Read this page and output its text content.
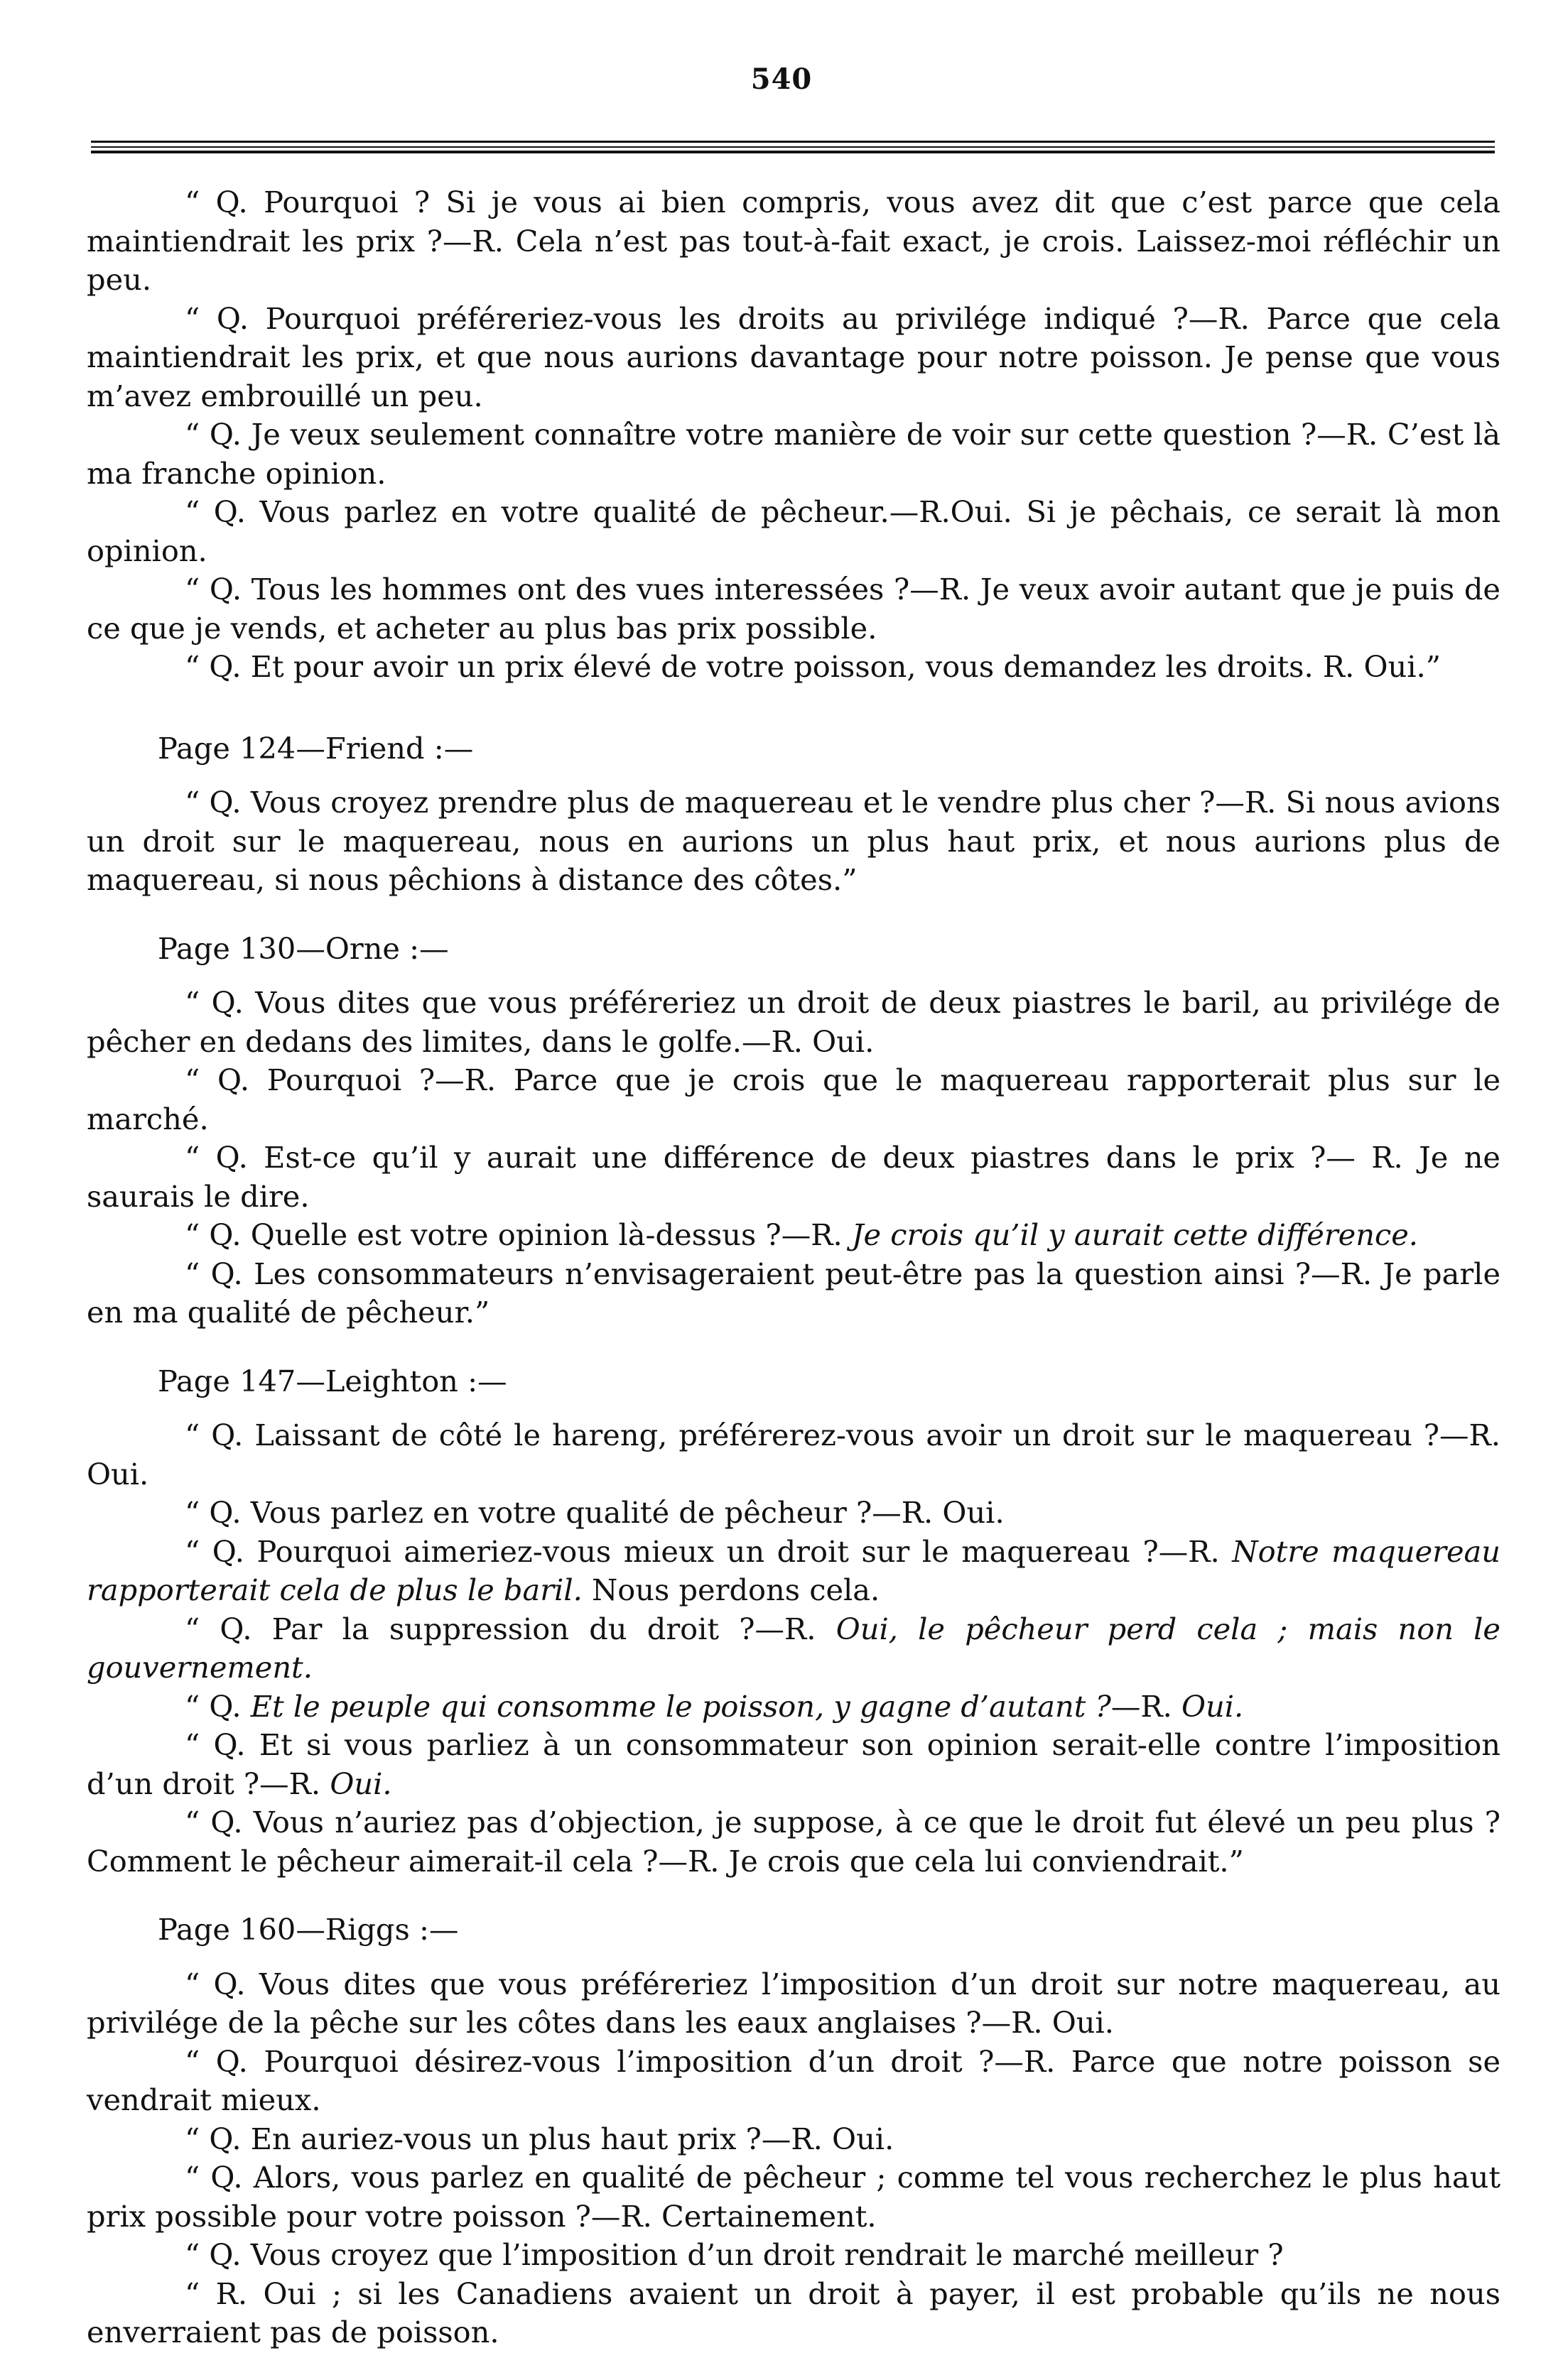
540

“ Q. Pourquoi ? Si je vous ai bien compris, vous avez dit que c’est parce que cela maintiendrait les prix ?—R. Cela n’est pas tout-à-fait exact, je crois. Laissez-moi réfléchir un peu.

“ Q. Pourquoi préféreriez-vous les droits au privilége indiqué ?—R. Parce que cela maintiendrait les prix, et que nous aurions davantage pour notre poisson. Je pense que vous m’avez embrouillé un peu.

“ Q. Je veux seulement connaître votre manière de voir sur cette question ?—R. C’est là ma franche opinion.

“ Q. Vous parlez en votre qualité de pêcheur.—R.Oui. Si je pêchais, ce serait là mon opinion.

“ Q. Tous les hommes ont des vues interessées ?—R. Je veux avoir autant que je puis de ce que je vends, et acheter au plus bas prix possible.

“ Q. Et pour avoir un prix élevé de votre poisson, vous demandez les droits. R. Oui.”

Page 124—Friend :—

“ Q. Vous croyez prendre plus de maquereau et le vendre plus cher ?—R. Si nous avions un droit sur le maquereau, nous en aurions un plus haut prix, et nous aurions plus de maquereau, si nous pêchions à distance des côtes.”

Page 130—Orne :—

“ Q. Vous dites que vous préféreriez un droit de deux piastres le baril, au privilége de pêcher en dedans des limites, dans le golfe.—R. Oui.

“ Q. Pourquoi ?—R. Parce que je crois que le maquereau rapporterait plus sur le marché.

“ Q. Est-ce qu’il y aurait une différence de deux piastres dans le prix ?— R. Je ne saurais le dire.

“ Q. Quelle est votre opinion là-dessus ?—R. Je crois qu’il y aurait cette différence.

“ Q. Les consommateurs n’envisageraient peut-être pas la question ainsi ?—R. Je parle en ma qualité de pêcheur.”

Page 147—Leighton :—

“ Q. Laissant de côté le hareng, préférerez-vous avoir un droit sur le maquereau ?—R. Oui.

“ Q. Vous parlez en votre qualité de pêcheur ?—R. Oui.

“ Q. Pourquoi aimeriez-vous mieux un droit sur le maquereau ?—R. Notre maquereau rapporterait cela de plus le baril. Nous perdons cela.

“ Q. Par la suppression du droit ?—R. Oui, le pêcheur perd cela ; mais non le gouvernement.

“ Q. Et le peuple qui consomme le poisson, y gagne d’autant ?—R. Oui.

“ Q. Et si vous parliez à un consommateur son opinion serait-elle contre l’imposition d’un droit ?—R. Oui.

“ Q. Vous n’auriez pas d’objection, je suppose, à ce que le droit fut élevé un peu plus ? Comment le pêcheur aimerait-il cela ?—R. Je crois que cela lui conviendrait.”

Page 160—Riggs :—

“ Q. Vous dites que vous préféreriez l’imposition d’un droit sur notre maquereau, au privilége de la pêche sur les côtes dans les eaux anglaises ?—R. Oui.

“ Q. Pourquoi désirez-vous l’imposition d’un droit ?—R. Parce que notre poisson se vendrait mieux.

“ Q. En auriez-vous un plus haut prix ?—R. Oui.

“ Q. Alors, vous parlez en qualité de pêcheur ; comme tel vous recherchez le plus haut prix possible pour votre poisson ?—R. Certainement.

“ Q. Vous croyez que l’imposition d’un droit rendrait le marché meilleur ?

“ R. Oui ; si les Canadiens avaient un droit à payer, il est probable qu’ils ne nous enverraient pas de poisson.
